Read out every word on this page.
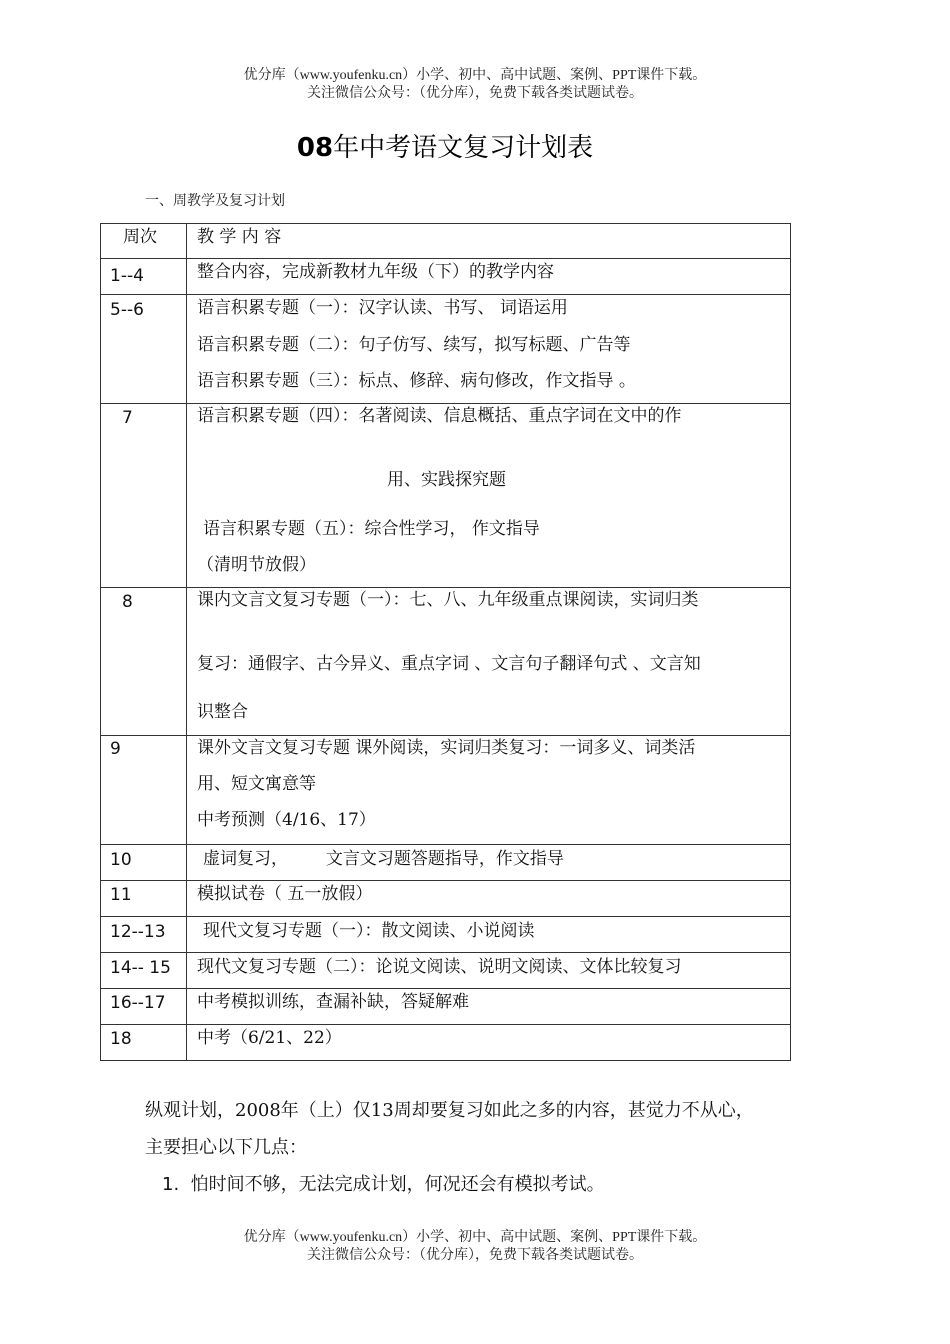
优分库（www.youfenku.cn）小学、初中、高中试题、案例、PPT课件下载。
关注微信公众号：（优分库），免费下载各类试题试卷。
08年中考语文复习计划表
一、周教学及复习计划
周次	教 学 内 容

1--4	整合内容，完成新教材九年级（下）的教学内容

5--6	语言积累专题（一）：汉字认读、书写、 词语运用
语言积累专题（二）：句子仿写、续写，拟写标题、广告等
语言积累专题（三）：标点、修辞、病句修改，作文指导 。

7	语言积累专题（四）：名著阅读、信息概括、重点字词在文中的作
用、实践探究题
语言积累专题（五）：综合性学习， 作文指导
（清明节放假）

8	课内文言文复习专题（一）：七、八、九年级重点课阅读，实词归类
复习：通假字、古今异义、重点字词 、文言句子翻译句式 、文言知
识整合

9	课外文言文复习专题 课外阅读，实词归类复习：一词多义、词类活
用、短文寓意等
中考预测（4/16、17）

10	虚词复习，       文言文习题答题指导，作文指导

11	模拟试卷（ 五一放假）

12--13	现代文复习专题（一）：散文阅读、小说阅读

14-- 15	现代文复习专题（二）：论说文阅读、说明文阅读、文体比较复习

16--17	中考模拟训练，查漏补缺，答疑解难

18	中考（6/21、22）
纵观计划，2008年（上）仅13周却要复习如此之多的内容，甚觉力不从心，
主要担心以下几点：
1. 怕时间不够，无法完成计划，何况还会有模拟考试。
优分库（www.youfenku.cn）小学、初中、高中试题、案例、PPT课件下载。
关注微信公众号：（优分库），免费下载各类试题试卷。
